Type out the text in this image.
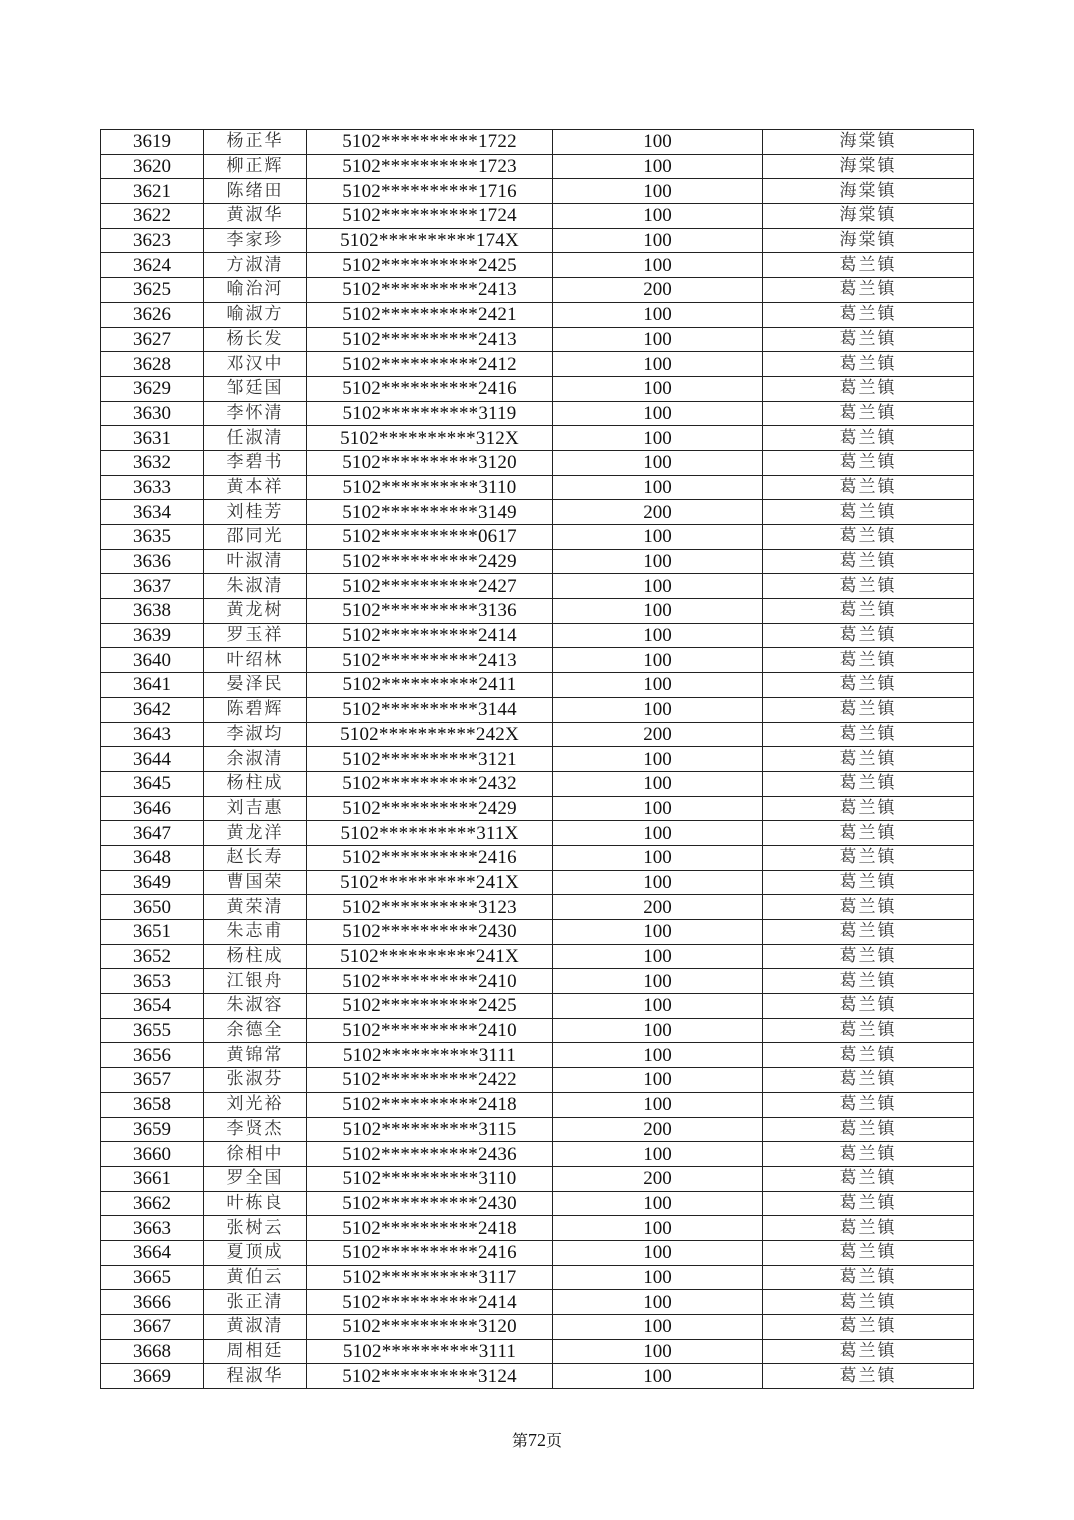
3619	杨正华	5102**********1722	100	海棠镇
3620	柳正辉	5102**********1723	100	海棠镇
3621	陈绪田	5102**********1716	100	海棠镇
3622	黄淑华	5102**********1724	100	海棠镇
3623	李家珍	5102**********174X	100	海棠镇
3624	方淑清	5102**********2425	100	葛兰镇
3625	喻治河	5102**********2413	200	葛兰镇
3626	喻淑方	5102**********2421	100	葛兰镇
3627	杨长发	5102**********2413	100	葛兰镇
3628	邓汉中	5102**********2412	100	葛兰镇
3629	邹廷国	5102**********2416	100	葛兰镇
3630	李怀清	5102**********3119	100	葛兰镇
3631	任淑清	5102**********312X	100	葛兰镇
3632	李碧书	5102**********3120	100	葛兰镇
3633	黄本祥	5102**********3110	100	葛兰镇
3634	刘桂芳	5102**********3149	200	葛兰镇
3635	邵同光	5102**********0617	100	葛兰镇
3636	叶淑清	5102**********2429	100	葛兰镇
3637	朱淑清	5102**********2427	100	葛兰镇
3638	黄龙树	5102**********3136	100	葛兰镇
3639	罗玉祥	5102**********2414	100	葛兰镇
3640	叶绍林	5102**********2413	100	葛兰镇
3641	晏泽民	5102**********2411	100	葛兰镇
3642	陈碧辉	5102**********3144	100	葛兰镇
3643	李淑均	5102**********242X	200	葛兰镇
3644	余淑清	5102**********3121	100	葛兰镇
3645	杨柱成	5102**********2432	100	葛兰镇
3646	刘吉惠	5102**********2429	100	葛兰镇
3647	黄龙洋	5102**********311X	100	葛兰镇
3648	赵长寿	5102**********2416	100	葛兰镇
3649	曹国荣	5102**********241X	100	葛兰镇
3650	黄荣清	5102**********3123	200	葛兰镇
3651	朱志甫	5102**********2430	100	葛兰镇
3652	杨柱成	5102**********241X	100	葛兰镇
3653	江银舟	5102**********2410	100	葛兰镇
3654	朱淑容	5102**********2425	100	葛兰镇
3655	余德全	5102**********2410	100	葛兰镇
3656	黄锦常	5102**********3111	100	葛兰镇
3657	张淑芬	5102**********2422	100	葛兰镇
3658	刘光裕	5102**********2418	100	葛兰镇
3659	李贤杰	5102**********3115	200	葛兰镇
3660	徐相中	5102**********2436	100	葛兰镇
3661	罗全国	5102**********3110	200	葛兰镇
3662	叶栋良	5102**********2430	100	葛兰镇
3663	张树云	5102**********2418	100	葛兰镇
3664	夏顶成	5102**********2416	100	葛兰镇
3665	黄伯云	5102**********3117	100	葛兰镇
3666	张正清	5102**********2414	100	葛兰镇
3667	黄淑清	5102**********3120	100	葛兰镇
3668	周相廷	5102**********3111	100	葛兰镇
3669	程淑华	5102**********3124	100	葛兰镇
第72页
